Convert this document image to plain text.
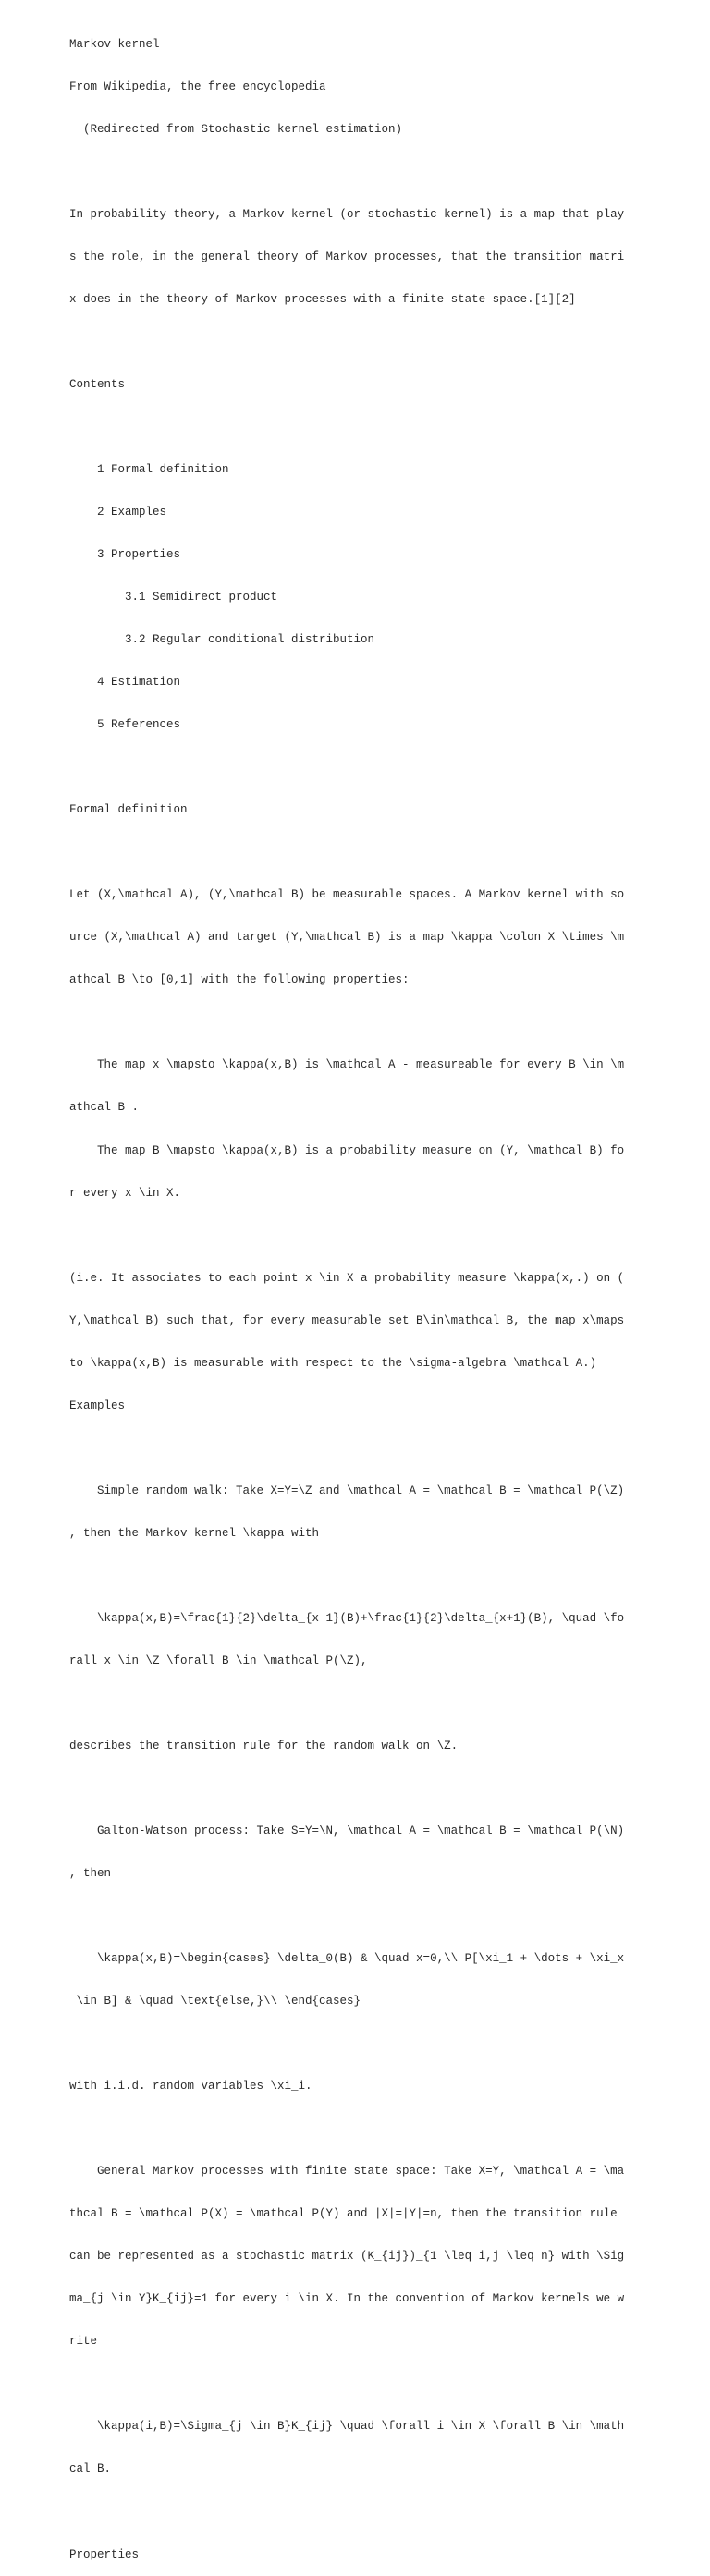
Markov kernel

From Wikipedia, the free encyclopedia

(Redirected from Stochastic kernel estimation)

In probability theory, a Markov kernel (or stochastic kernel) is a map that play

s the role, in the general theory of Markov processes, that the transition matri

x does in the theory of Markov processes with a finite state space.[1][2]

Contents

1 Formal definition

2 Examples

3 Properties

3.1 Semidirect product

3.2 Regular conditional distribution

4 Estimation

5 References

Formal definition

Let (X,\mathcal A), (Y,\mathcal B) be measurable spaces. A Markov kernel with so

urce (X,\mathcal A) and target (Y,\mathcal B) is a map \kappa \colon X \times \m

athcal B \to [0,1] with the following properties:

The map x \mapsto \kappa(x,B) is \mathcal A - measureable for every B \in \m

athcal B .

The map B \mapsto \kappa(x,B) is a probability measure on (Y, \mathcal B) fo

r every x \in X.

(i.e. It associates to each point x \in X a probability measure \kappa(x,.) on (

Y,\mathcal B) such that, for every measurable set B\in\mathcal B, the map x\maps

to \kappa(x,B) is measurable with respect to the \sigma-algebra \mathcal A.)

Examples

Simple random walk: Take X=Y=\Z and \mathcal A = \mathcal B = \mathcal P(\Z)

, then the Markov kernel \kappa with

\kappa(x,B)=\frac{1}{2}\delta_{x-1}(B)+\frac{1}{2}\delta_{x+1}(B), \quad \fo

rall x \in \Z \forall B \in \mathcal P(\Z),

describes the transition rule for the random walk on \Z.

Galton-Watson process: Take S=Y=\N, \mathcal A = \mathcal B = \mathcal P(\N)

, then

\kappa(x,B)=\begin{cases} \delta_0(B) & \quad x=0,\\ P[\xi_1 + \dots + \xi_x

\in B] & \quad \text{else,}\\ \end{cases}

with i.i.d. random variables \xi_i.

General Markov processes with finite state space: Take X=Y, \mathcal A = \ma

thcal B = \mathcal P(X) = \mathcal P(Y) and |X|=|Y|=n, then the transition rule

can be represented as a stochastic matrix (K_{ij})_{1 \leq i,j \leq n} with \Sig

ma_{j \in Y}K_{ij}=1 for every i \in X. In the convention of Markov kernels we w

rite

\kappa(i,B)=\Sigma_{j \in B}K_{ij} \quad \forall i \in X \forall B \in \math

cal B.

Properties
